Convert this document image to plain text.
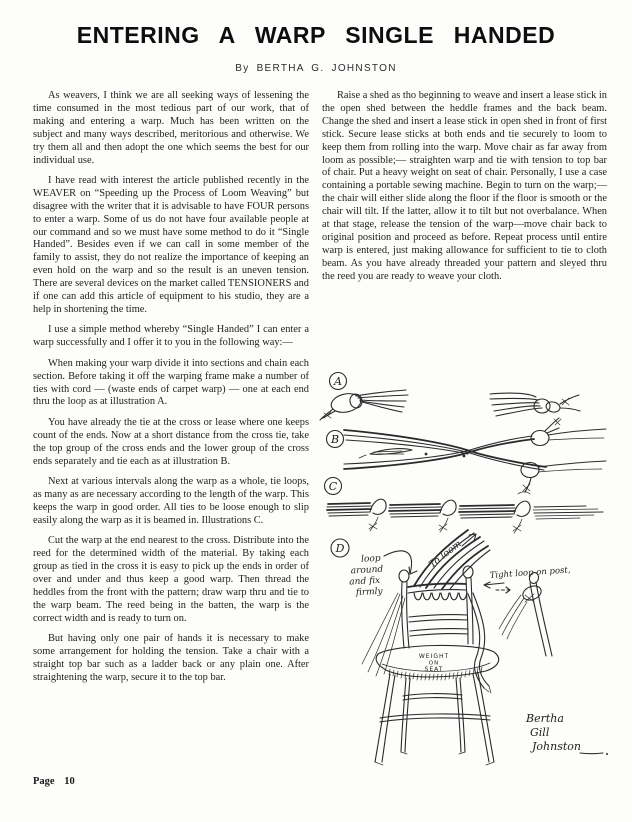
ENTERING A WARP SINGLE HANDED
By BERTHA G. JOHNSTON

As weavers, I think we are all seeking ways of lessening the time consumed in the most tedious part of our work, that of making and entering a warp. Much has been written on the subject and many ways described, meritorious and otherwise. We try them all and then adopt the one which seems the best for our individual use.

I have read with interest the article published recently in the WEAVER on “Speeding up the Process of Loom Weaving” but disagree with the writer that it is advisable to have FOUR persons to enter a warp. Some of us do not have four available people at our command and so we must have some method to do it “Single Handed”. Besides even if we can call in some member of the family to assist, they do not realize the importance of keeping an even hold on the warp and so the result is an uneven tension. There are several devices on the market called TENSIONERS and if one can add this article of equipment to his studio, they are a help in shortening the time.

I use a simple method whereby “Single Handed” I can enter a warp successfully and I offer it to you in the following way:—

When making your warp divide it into sections and chain each section. Before taking it off the warping frame make a number of ties with cord — (waste ends of carpet warp) — one at each end thru the loop as at illustration A.

You have already the tie at the cross or lease where one keeps count of the ends. Now at a short distance from the cross tie, take the top group of the cross ends and the lower group of the cross ends separately and tie each as at illustration B.

Next at various intervals along the warp as a whole, tie loops, as many as are necessary according to the length of the warp. This keeps the warp in good order. All ties to be loose enough to slip easily along the warp as it is beamed in. Illustrations C.

Cut the warp at the end nearest to the cross. Distribute into the reed for the determined width of the material. By taking each group as tied in the cross it is easy to pick up the ends in order of over and under and thus keep a good warp. Then thread the heddles from the front with the pattern; draw warp thru and tie to the warp beam. The reed being in the batten, the warp is the correct width and is ready to turn on.

But having only one pair of hands it is necessary to make some arrangement for holding the tension. Take a chair with a straight top bar such as a ladder back or any plain one. After straightening the warp, secure it to the top bar.

Raise a shed as tho beginning to weave and insert a lease stick in the open shed between the heddle frames and the back beam. Change the shed and insert a lease stick in open shed in front of first stick. Secure lease sticks at both ends and tie securely to loom to keep them from rolling into the warp. Move chair as far away from loom as possible;— straighten warp and tie with tension to top bar of chair. Put a heavy weight on seat of chair. Personally, I use a case containing a portable sewing machine. Begin to turn on the warp;—the chair will either slide along the floor if the floor is smooth or the chair will tilt. If the latter, allow it to tilt but not overbalance. When at that stage, release the tension of the warp—move chair back to original position and proceed as before. Repeat process until entire warp is entered, just making allowance for sufficient to tie to cloth beam. As you have already threaded your pattern and sleyed thru the reed you are ready to weave your cloth.

A
B
C
D
loop
around
and fix
firmly
To loom
WEIGHT
ON
SEAT
Tight loop on post,
Bertha
Gill
Johnston
Page 10
